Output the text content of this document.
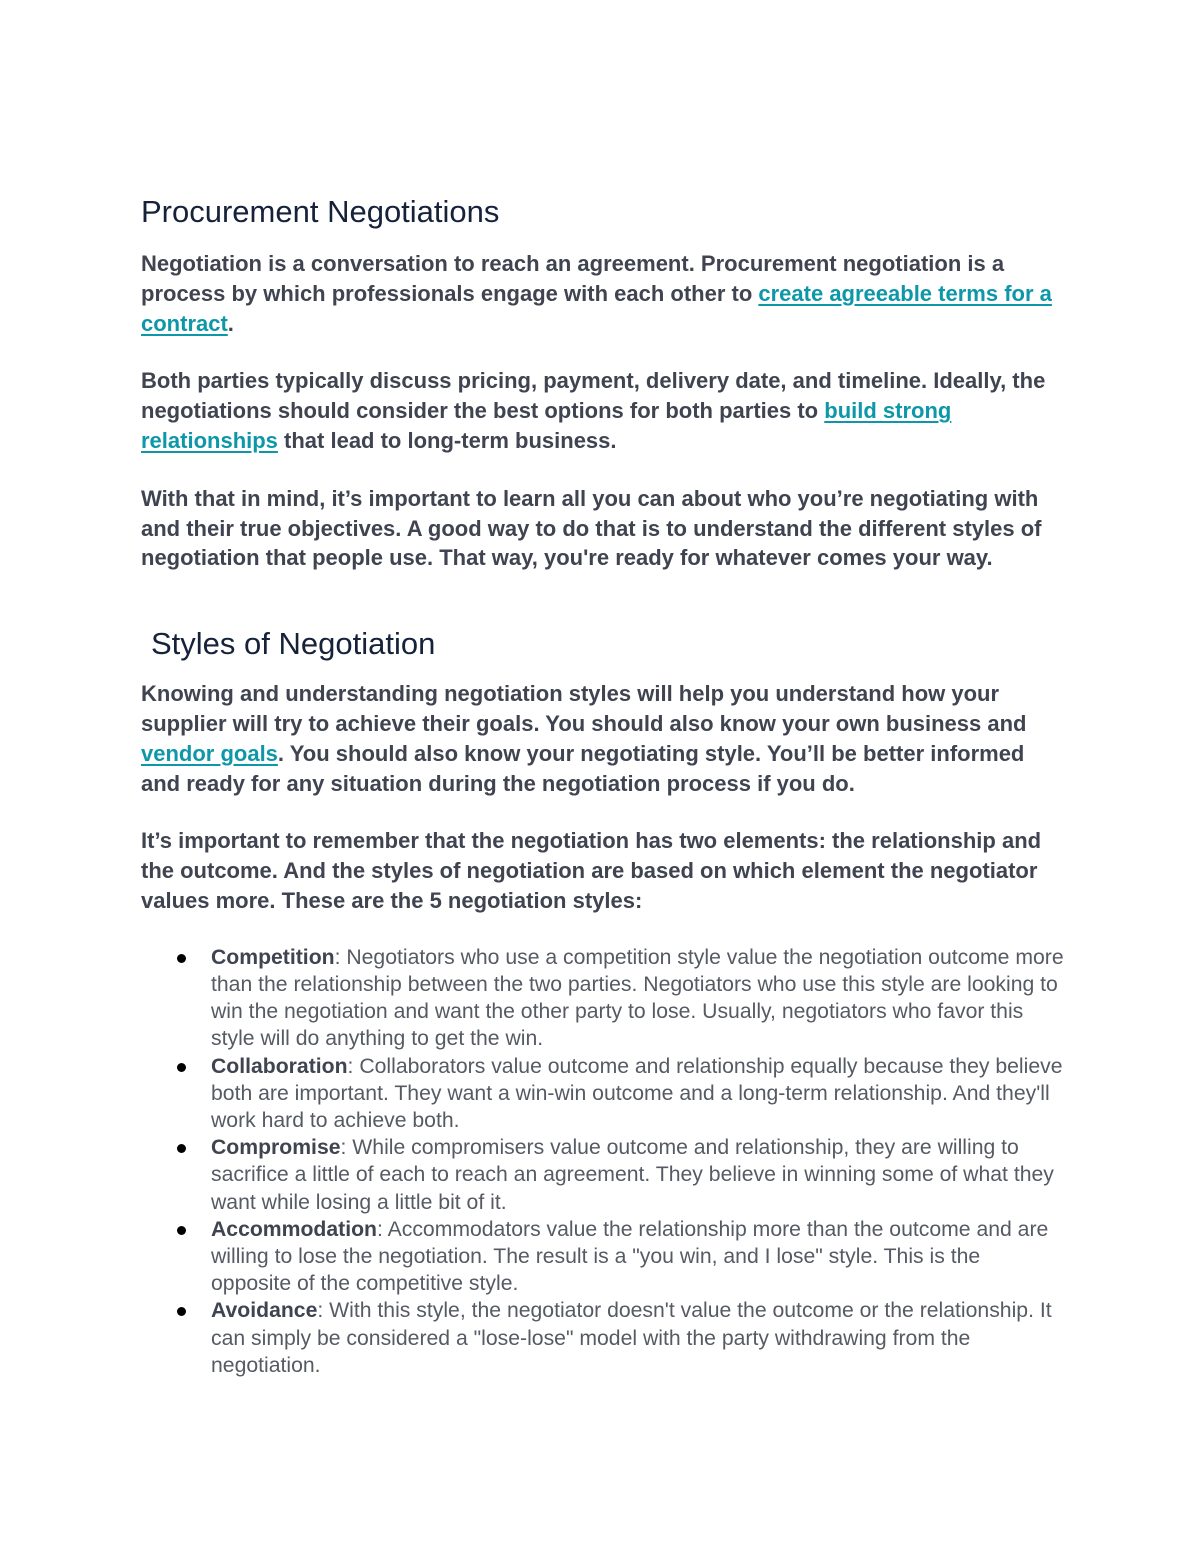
Procurement Negotiations

Negotiation is a conversation to reach an agreement. Procurement negotiation is a process by which professionals engage with each other to create agreeable terms for a contract.

Both parties typically discuss pricing, payment, delivery date, and timeline. Ideally, the negotiations should consider the best options for both parties to build strong relationships that lead to long-term business.

With that in mind, it’s important to learn all you can about who you’re negotiating with and their true objectives. A good way to do that is to understand the different styles of negotiation that people use. That way, you're ready for whatever comes your way.

Styles of Negotiation

Knowing and understanding negotiation styles will help you understand how your supplier will try to achieve their goals. You should also know your own business and vendor goals. You should also know your negotiating style. You’ll be better informed and ready for any situation during the negotiation process if you do.

It’s important to remember that the negotiation has two elements: the relationship and the outcome. And the styles of negotiation are based on which element the negotiator values more. These are the 5 negotiation styles:

Competition: Negotiators who use a competition style value the negotiation outcome more than the relationship between the two parties. Negotiators who use this style are looking to win the negotiation and want the other party to lose. Usually, negotiators who favor this style will do anything to get the win.
Collaboration: Collaborators value outcome and relationship equally because they believe both are important. They want a win-win outcome and a long-term relationship. And they'll work hard to achieve both.
Compromise: While compromisers value outcome and relationship, they are willing to sacrifice a little of each to reach an agreement. They believe in winning some of what they want while losing a little bit of it.
Accommodation: Accommodators value the relationship more than the outcome and are willing to lose the negotiation. The result is a "you win, and I lose" style. This is the opposite of the competitive style.
Avoidance: With this style, the negotiator doesn't value the outcome or the relationship. It can simply be considered a "lose-lose" model with the party withdrawing from the negotiation.
